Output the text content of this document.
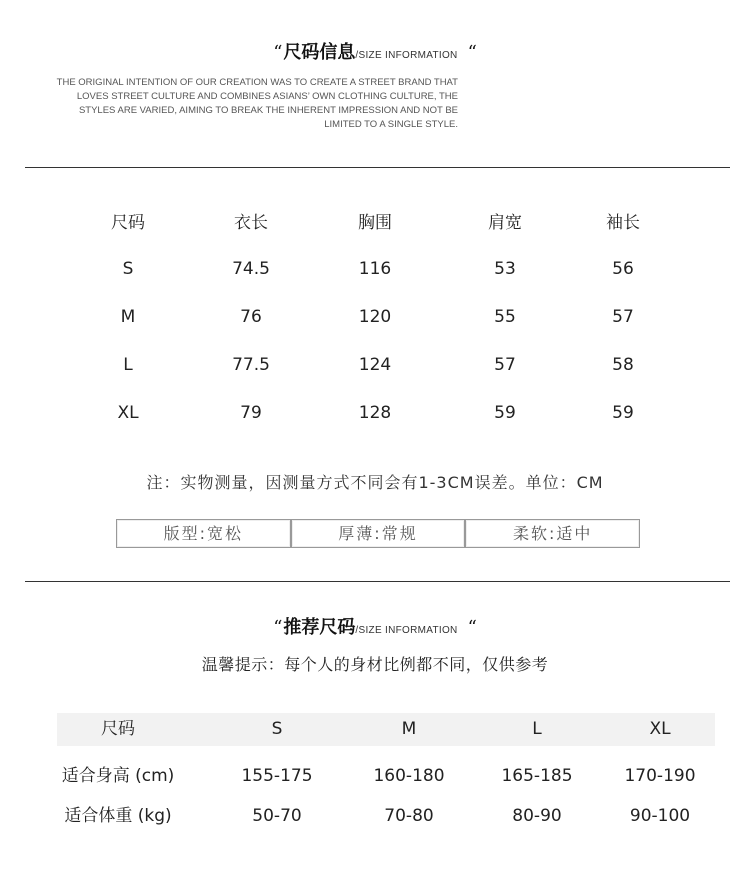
“ 尺码信息 /SIZE INFORMATION “
THE ORIGINAL INTENTION OF OUR CREATION WAS TO CREATE A STREET BRAND THAT
LOVES STREET CULTURE AND COMBINES ASIANS’ OWN CLOTHING CULTURE, THE
STYLES ARE VARIED, AIMING TO BREAK THE INHERENT IMPRESSION AND NOT BE
LIMITED TO A SINGLE STYLE.
尺码	衣长	胸围	肩宽	袖长
S	74.5	116	53	56
M	76	120	55	57
L	77.5	124	57	58
XL	79	128	59	59
注：实物测量，因测量方式不同会有1-3CM误差。单位：CM
版型:宽松	厚薄:常规	柔软:适中
“ 推荐尺码 /SIZE INFORMATION “
温馨提示：每个人的身材比例都不同，仅供参考
尺码	S	M	L	XL
适合身高 (cm)	155-175	160-180	165-185	170-190
适合体重 (kg)	50-70	70-80	80-90	90-100
